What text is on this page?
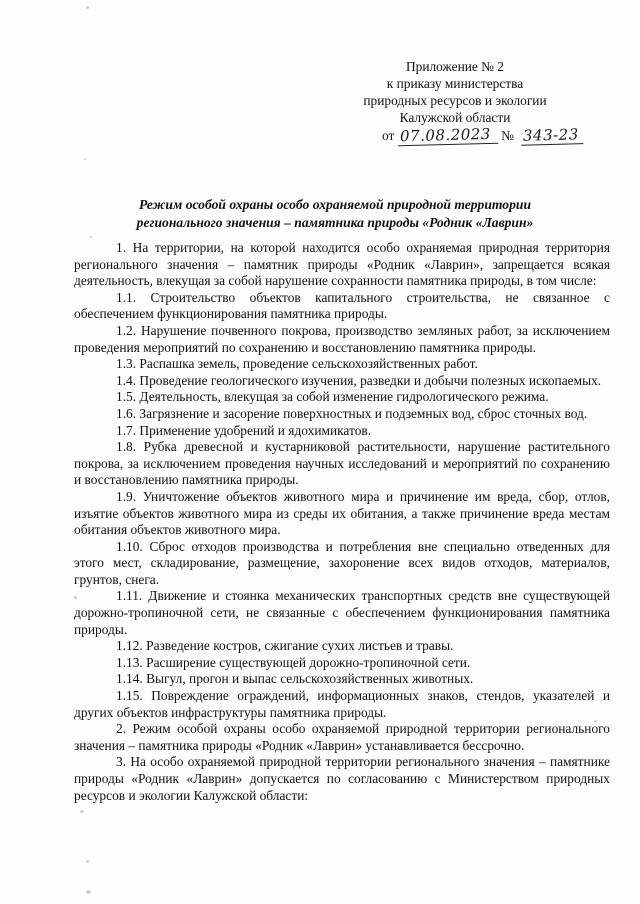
Приложение № 2
к приказу министерства
природных ресурсов и экологии
Калужской области
от 07.08.2023 № 343-23
Режим особой охраны особо охраняемой природной территории
регионального значения – памятника природы «Родник «Лаврин»

1. На территории, на которой находится особо охраняемая природная территория регионального значения – памятник природы «Родник «Лаврин», запрещается всякая деятельность, влекущая за собой нарушение сохранности памятника природы, в том числе:

1.1. Строительство объектов капитального строительства, не связанное с обеспечением функционирования памятника природы.

1.2. Нарушение почвенного покрова, производство земляных работ, за исключением проведения мероприятий по сохранению и восстановлению памятника природы.

1.3. Распашка земель, проведение сельскохозяйственных работ.

1.4. Проведение геологического изучения, разведки и добычи полезных ископаемых.

1.5. Деятельность, влекущая за собой изменение гидрологического режима.

1.6. Загрязнение и засорение поверхностных и подземных вод, сброс сточных вод.

1.7. Применение удобрений и ядохимикатов.

1.8. Рубка древесной и кустарниковой растительности, нарушение растительного покрова, за исключением проведения научных исследований и мероприятий по сохранению и восстановлению памятника природы.

1.9. Уничтожение объектов животного мира и причинение им вреда, сбор, отлов, изъятие объектов животного мира из среды их обитания, а также причинение вреда местам обитания объектов животного мира.

1.10. Сброс отходов производства и потребления вне специально отведенных для этого мест, складирование, размещение, захоронение всех видов отходов, материалов, грунтов, снега.

1.11. Движение и стоянка механических транспортных средств вне существующей дорожно-тропиночной сети, не связанные с обеспечением функционирования памятника природы.

1.12. Разведение костров, сжигание сухих листьев и травы.

1.13. Расширение существующей дорожно-тропиночной сети.

1.14. Выгул, прогон и выпас сельскохозяйственных животных.

1.15. Повреждение ограждений, информационных знаков, стендов, указателей и других объектов инфраструктуры памятника природы.

2. Режим особой охраны особо охраняемой природной территории регионального значения – памятника природы «Родник «Лаврин» устанавливается бессрочно.

3. На особо охраняемой природной территории регионального значения – памятнике природы «Родник «Лаврин» допускается по согласованию с Министерством природных ресурсов и экологии Калужской области:
